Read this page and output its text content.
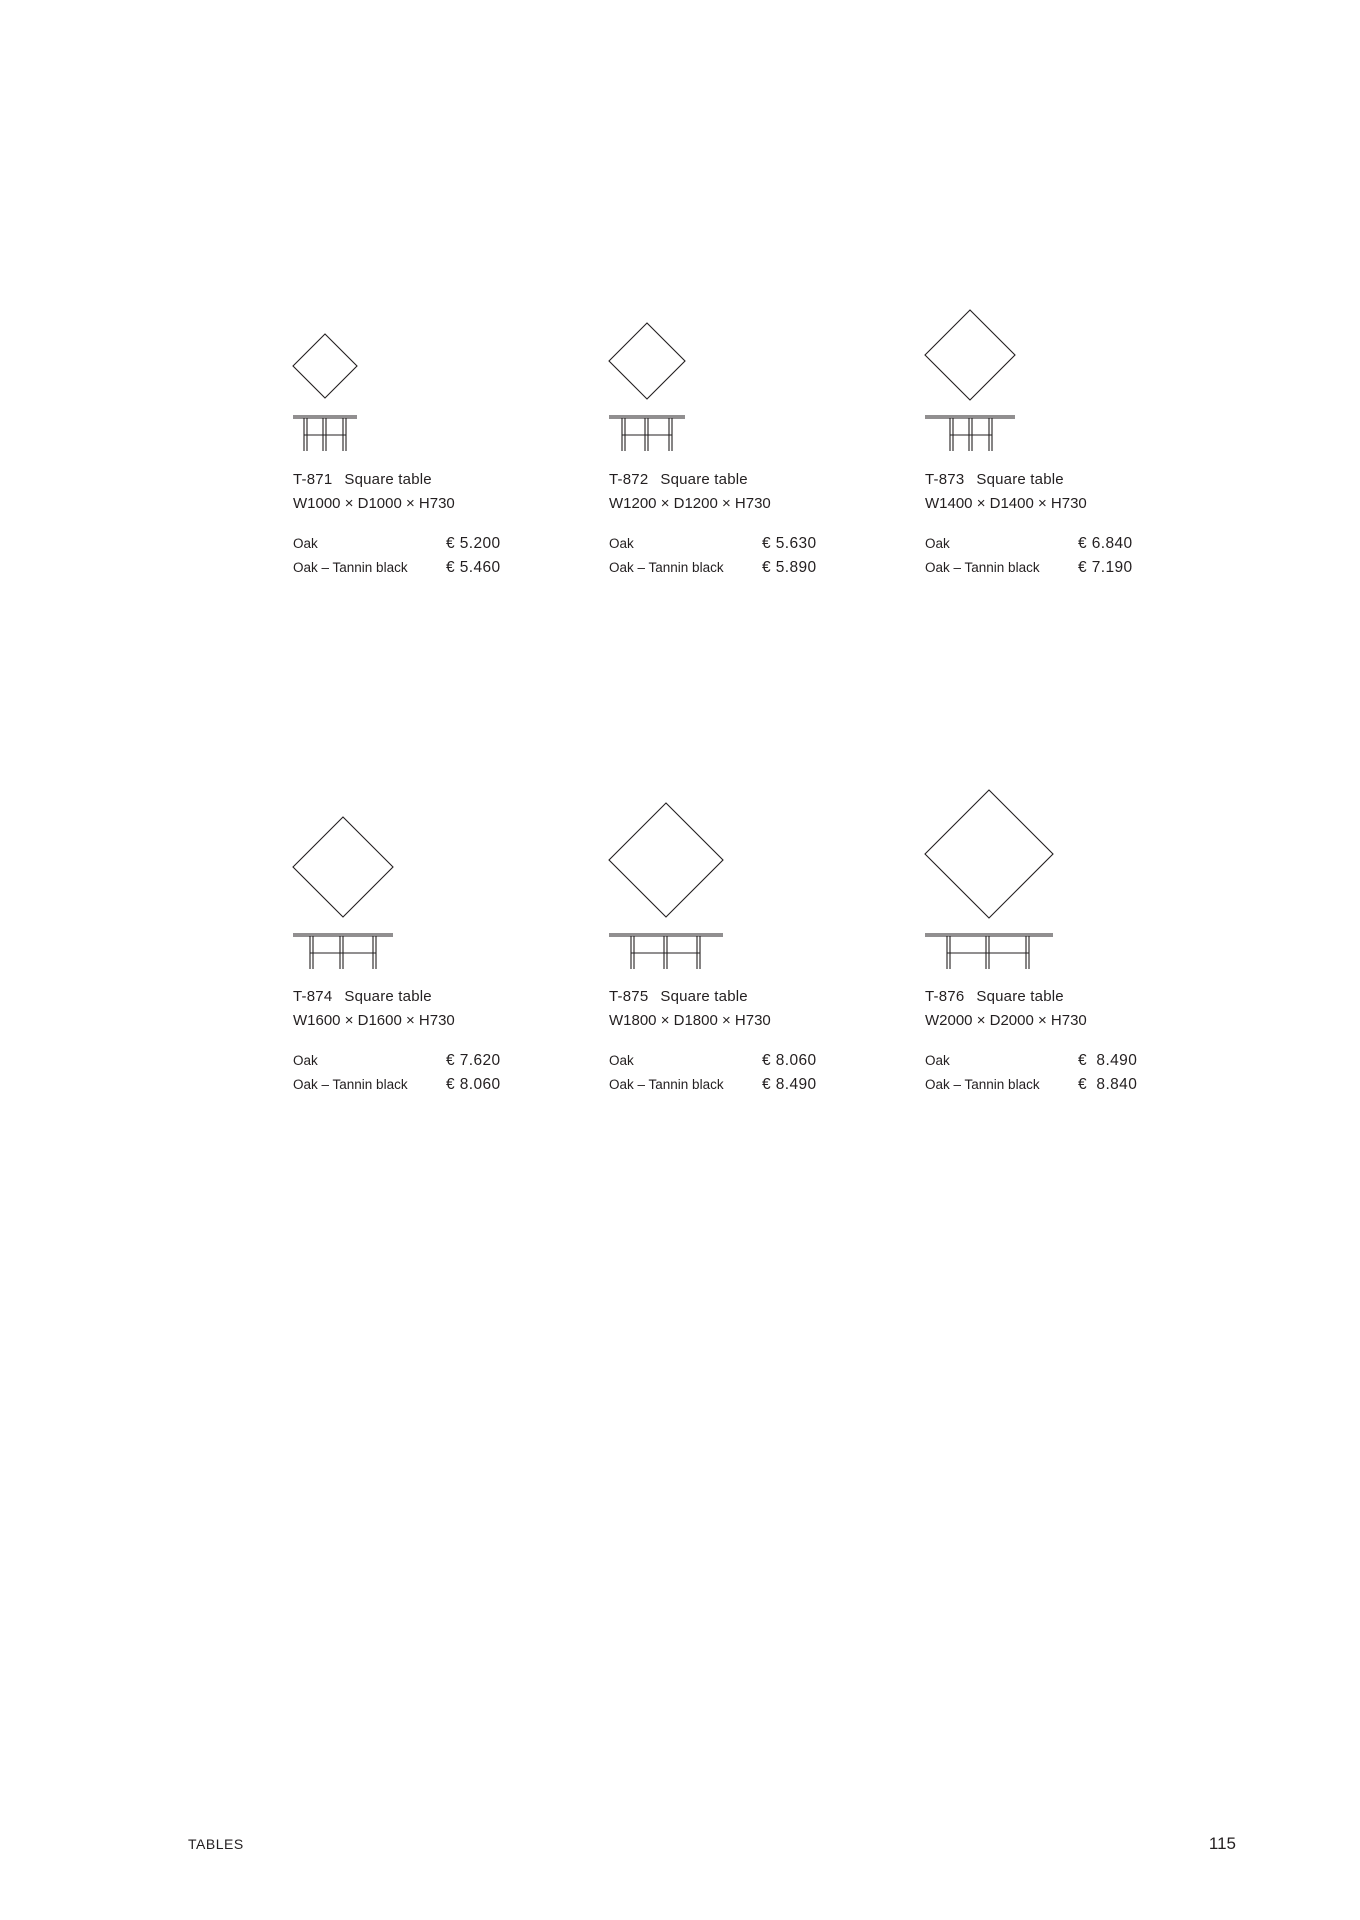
T-871 Square table
W1000 × D1000 × H730
Oak	€ 5.200
Oak – Tannin black € 5.460
T-872 Square table
W1200 × D1200 × H730
Oak	€ 5.630
Oak – Tannin black € 5.890
T-873 Square table
W1400 × D1400 × H730
Oak	€ 6.840
Oak – Tannin black € 7.190
T-874 Square table
W1600 × D1600 × H730
Oak	€ 7.620
Oak – Tannin black € 8.060
T-875 Square table
W1800 × D1800 × H730
Oak	€ 8.060
Oak – Tannin black € 8.490
T-876 Square table
W2000 × D2000 × H730
Oak	€  8.490
Oak – Tannin black €  8.840
TABLES	115
